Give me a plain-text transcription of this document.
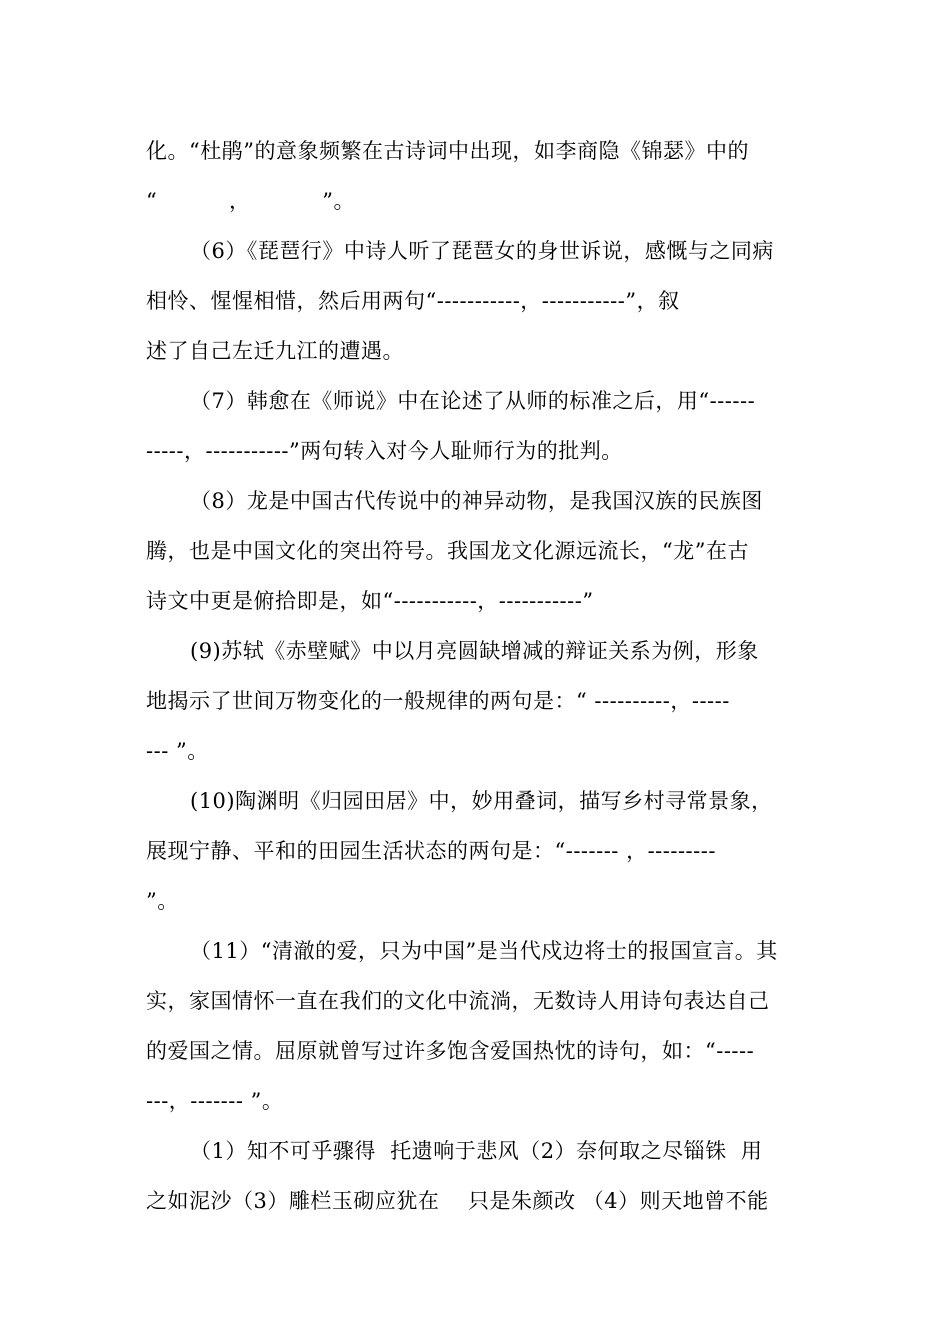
化。“杜鹃”的意象频繁在古诗词中出现，如李商隐《锦瑟》中的
“          ，          ”。
（6）《琵琶行》中诗人听了琵琶女的身世诉说，感慨与之同病
相怜、惺惺相惜，然后用两句“-----------，-----------”，叙
述了自己左迁九江的遭遇。
（7）韩愈在《师说》中在论述了从师的标准之后，用“------
-----，-----------”两句转入对今人耻师行为的批判。
（8）龙是中国古代传说中的神异动物，是我国汉族的民族图
腾，也是中国文化的突出符号。我国龙文化源远流长，“龙”在古
诗文中更是俯拾即是，如“-----------，-----------”
(9)苏轼《赤壁赋》中以月亮圆缺增减的辩证关系为例，形象
地揭示了世间万物变化的一般规律的两句是：“ ----------，-----
--- ”。
(10)陶渊明《归园田居》中，妙用叠词，描写乡村寻常景象，
展现宁静、平和的田园生活状态的两句是：“------- ，---------
”。
（11）“清澈的爱，只为中国”是当代戍边将士的报国宣言。其
实，家国情怀一直在我们的文化中流淌，无数诗人用诗句表达自己
的爱国之情。屈原就曾写过许多饱含爱国热忱的诗句，如：“-----
---，------- ”。
（1）知不可乎骤得  托遗响于悲风（2）奈何取之尽锱铢  用
之如泥沙（3）雕栏玉砌应犹在    只是朱颜改 （4）则天地曾不能
